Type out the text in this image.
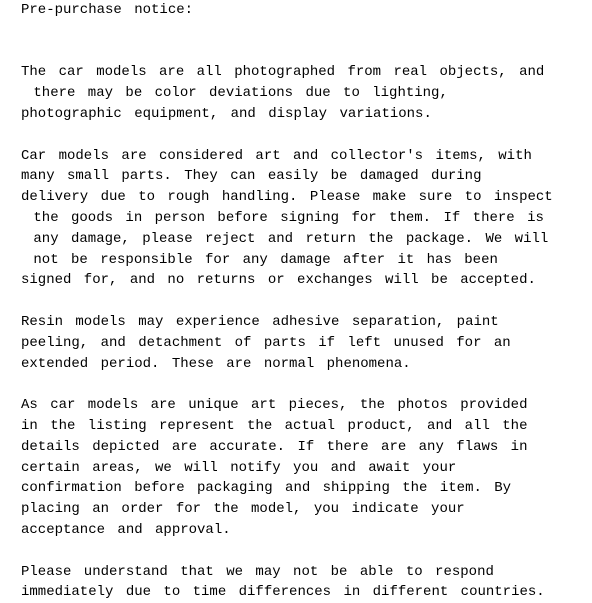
Pre-purchase notice:

The car models are all photographed from real objects, and
there may be color deviations due to lighting,
photographic equipment, and display variations.

Car models are considered art and collector's items, with
many small parts. They can easily be damaged during
delivery due to rough handling. Please make sure to inspect
the goods in person before signing for them. If there is
any damage, please reject and return the package. We will
not be responsible for any damage after it has been
signed for, and no returns or exchanges will be accepted.

Resin models may experience adhesive separation, paint
peeling, and detachment of parts if left unused for an
extended period. These are normal phenomena.

As car models are unique art pieces, the photos provided
in the listing represent the actual product, and all the
details depicted are accurate. If there are any flaws in
certain areas, we will notify you and await your
confirmation before packaging and shipping the item. By
placing an order for the model, you indicate your
acceptance and approval.

Please understand that we may not be able to respond
immediately due to time differences in different countries.
